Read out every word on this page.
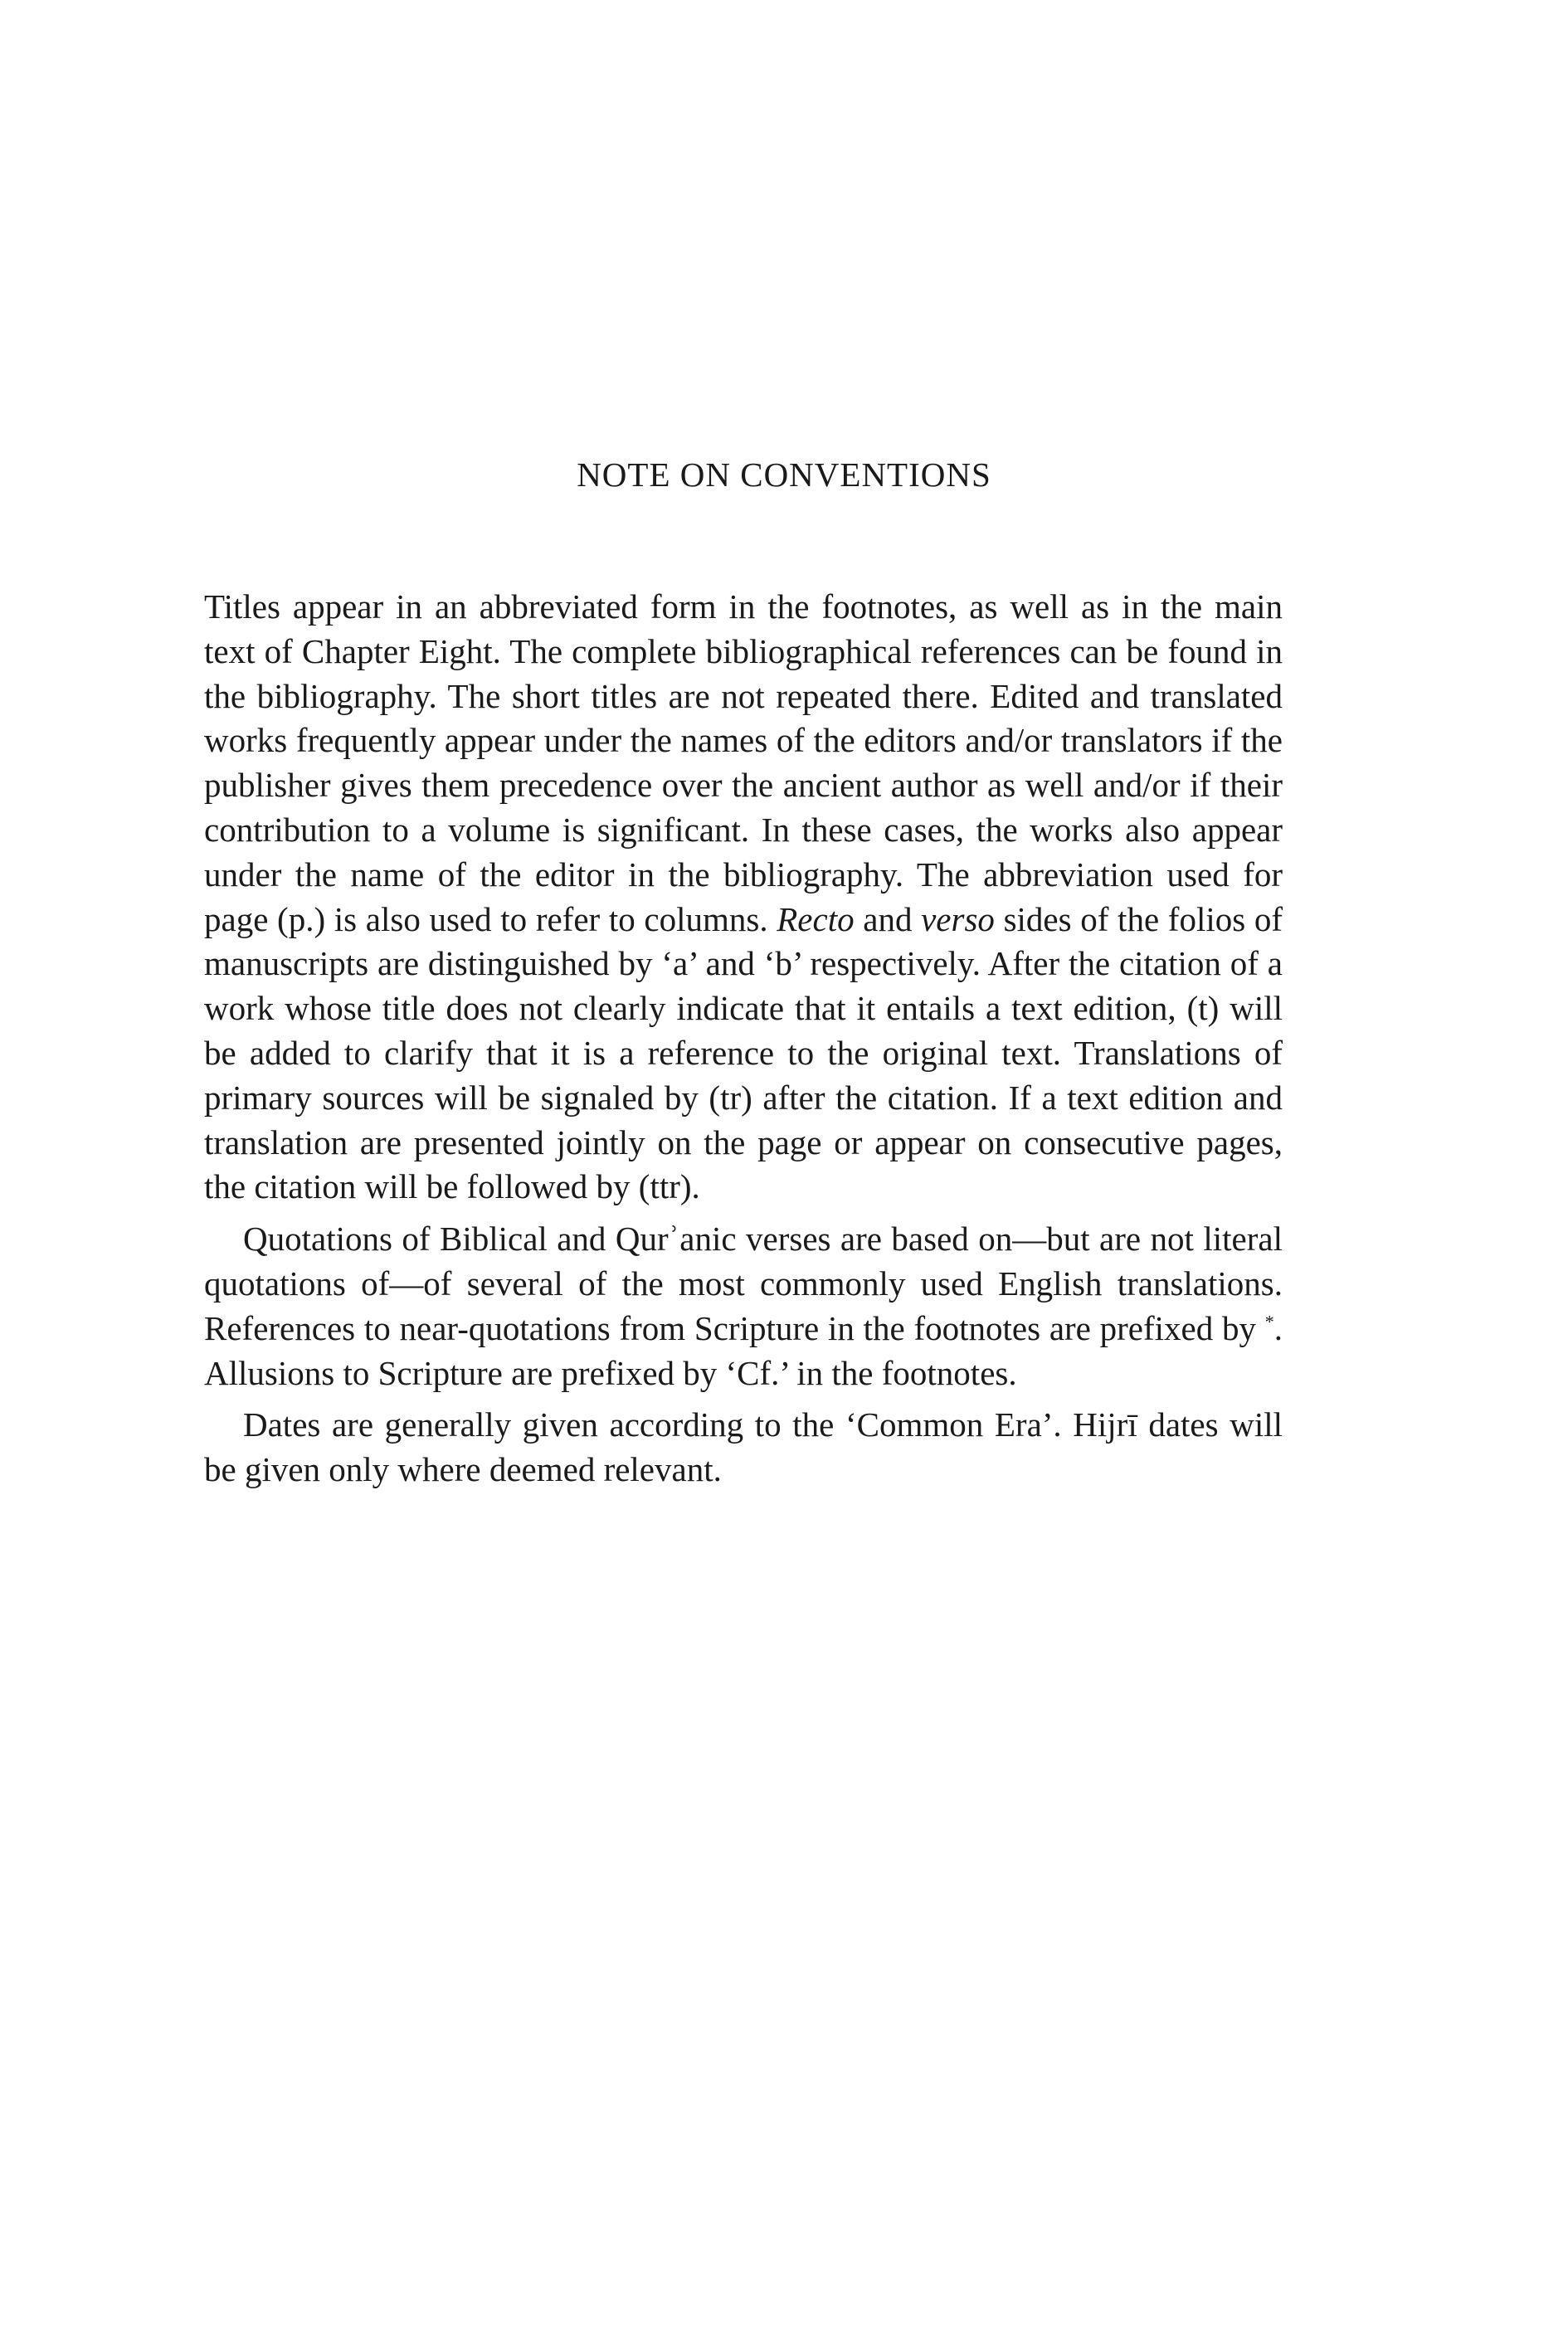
NOTE ON CONVENTIONS

Titles appear in an abbreviated form in the footnotes, as well as in the main text of Chapter Eight. The complete bibliographical references can be found in the bibliography. The short titles are not repeated there. Edited and translated works frequently appear under the names of the editors and/or translators if the publisher gives them precedence over the ancient author as well and/or if their contribution to a volume is significant. In these cases, the works also appear under the name of the editor in the bibliography. The abbreviation used for page (p.) is also used to refer to columns. Recto and verso sides of the folios of manuscripts are distinguished by ‘a’ and ‘b’ respectively. After the citation of a work whose title does not clearly indicate that it entails a text edition, (t) will be added to clarify that it is a reference to the original text. Translations of primary sources will be signaled by (tr) after the citation. If a text edition and translation are presented jointly on the page or appear on consecutive pages, the citation will be followed by (ttr).

Quotations of Biblical and Qurʾanic verses are based on—but are not literal quotations of—of several of the most commonly used English translations. References to near-quotations from Scripture in the footnotes are prefixed by *. Allusions to Scripture are prefixed by ‘Cf.’ in the footnotes.

Dates are generally given according to the ‘Common Era’. Hijrī dates will be given only where deemed relevant.
